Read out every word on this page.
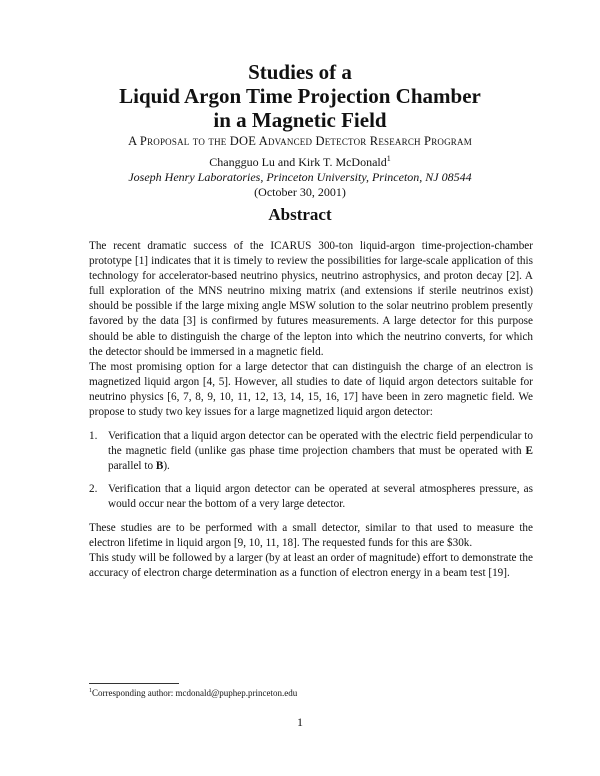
Studies of a
Liquid Argon Time Projection Chamber
in a Magnetic Field
A Proposal to the DOE Advanced Detector Research Program
Changguo Lu and Kirk T. McDonald$^1$
Joseph Henry Laboratories, Princeton University, Princeton, NJ 08544
(October 30, 2001)
Abstract
The recent dramatic success of the ICARUS 300-ton liquid-argon time-projection-chamber prototype [1] indicates that it is timely to review the possibilities for large-scale application of this technology for accelerator-based neutrino physics, neutrino astrophysics, and proton decay [2]. A full exploration of the MNS neutrino mixing matrix (and extensions if sterile neutrinos exist) should be possible if the large mixing angle MSW solution to the solar neutrino problem presently favored by the data [3] is confirmed by futures measurements. A large detector for this purpose should be able to distinguish the charge of the lepton into which the neutrino converts, for which the detector should be immersed in a magnetic field.
The most promising option for a large detector that can distinguish the charge of an electron is magnetized liquid argon [4, 5]. However, all studies to date of liquid argon detectors suitable for neutrino physics [6, 7, 8, 9, 10, 11, 12, 13, 14, 15, 16, 17] have been in zero magnetic field. We propose to study two key issues for a large magnetized liquid argon detector:
1. Verification that a liquid argon detector can be operated with the electric field perpendicular to the magnetic field (unlike gas phase time projection chambers that must be operated with E parallel to B).
2. Verification that a liquid argon detector can be operated at several atmospheres pressure, as would occur near the bottom of a very large detector.
These studies are to be performed with a small detector, similar to that used to measure the electron lifetime in liquid argon [9, 10, 11, 18]. The requested funds for this are $30k.
This study will be followed by a larger (by at least an order of magnitude) effort to demonstrate the accuracy of electron charge determination as a function of electron energy in a beam test [19].
$^1$Corresponding author: mcdonald@puphep.princeton.edu
1
